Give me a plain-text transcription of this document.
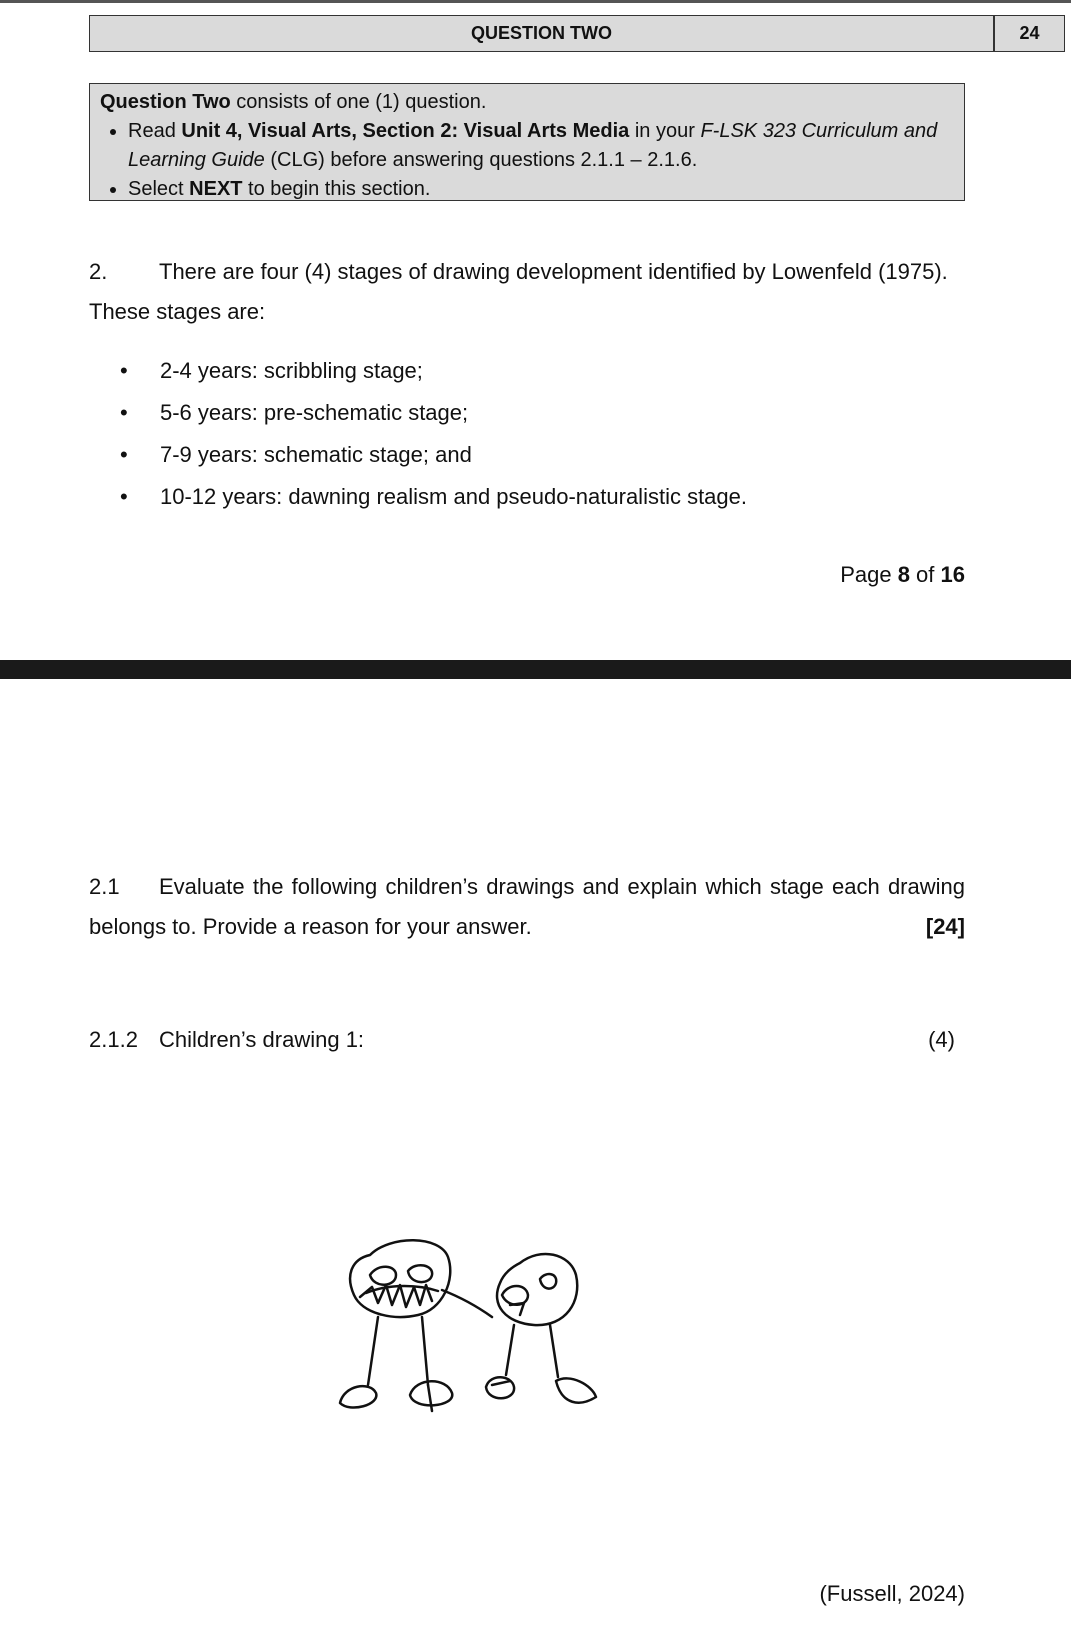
QUESTION TWO	24
Question Two consists of one (1) question.
• Read Unit 4, Visual Arts, Section 2: Visual Arts Media in your F-LSK 323 Curriculum and Learning Guide (CLG) before answering questions 2.1.1 – 2.1.6.
• Select NEXT to begin this section.
2. There are four (4) stages of drawing development identified by Lowenfeld (1975). These stages are:
• 2-4 years: scribbling stage;
• 5-6 years: pre-schematic stage;
• 7-9 years: schematic stage; and
• 10-12 years: dawning realism and pseudo-naturalistic stage.
Page 8 of 16
2.1 Evaluate the following children’s drawings and explain which stage each drawing belongs to. Provide a reason for your answer.	[24]
2.1.2 Children’s drawing 1:	(4)
(Fussell, 2024)
